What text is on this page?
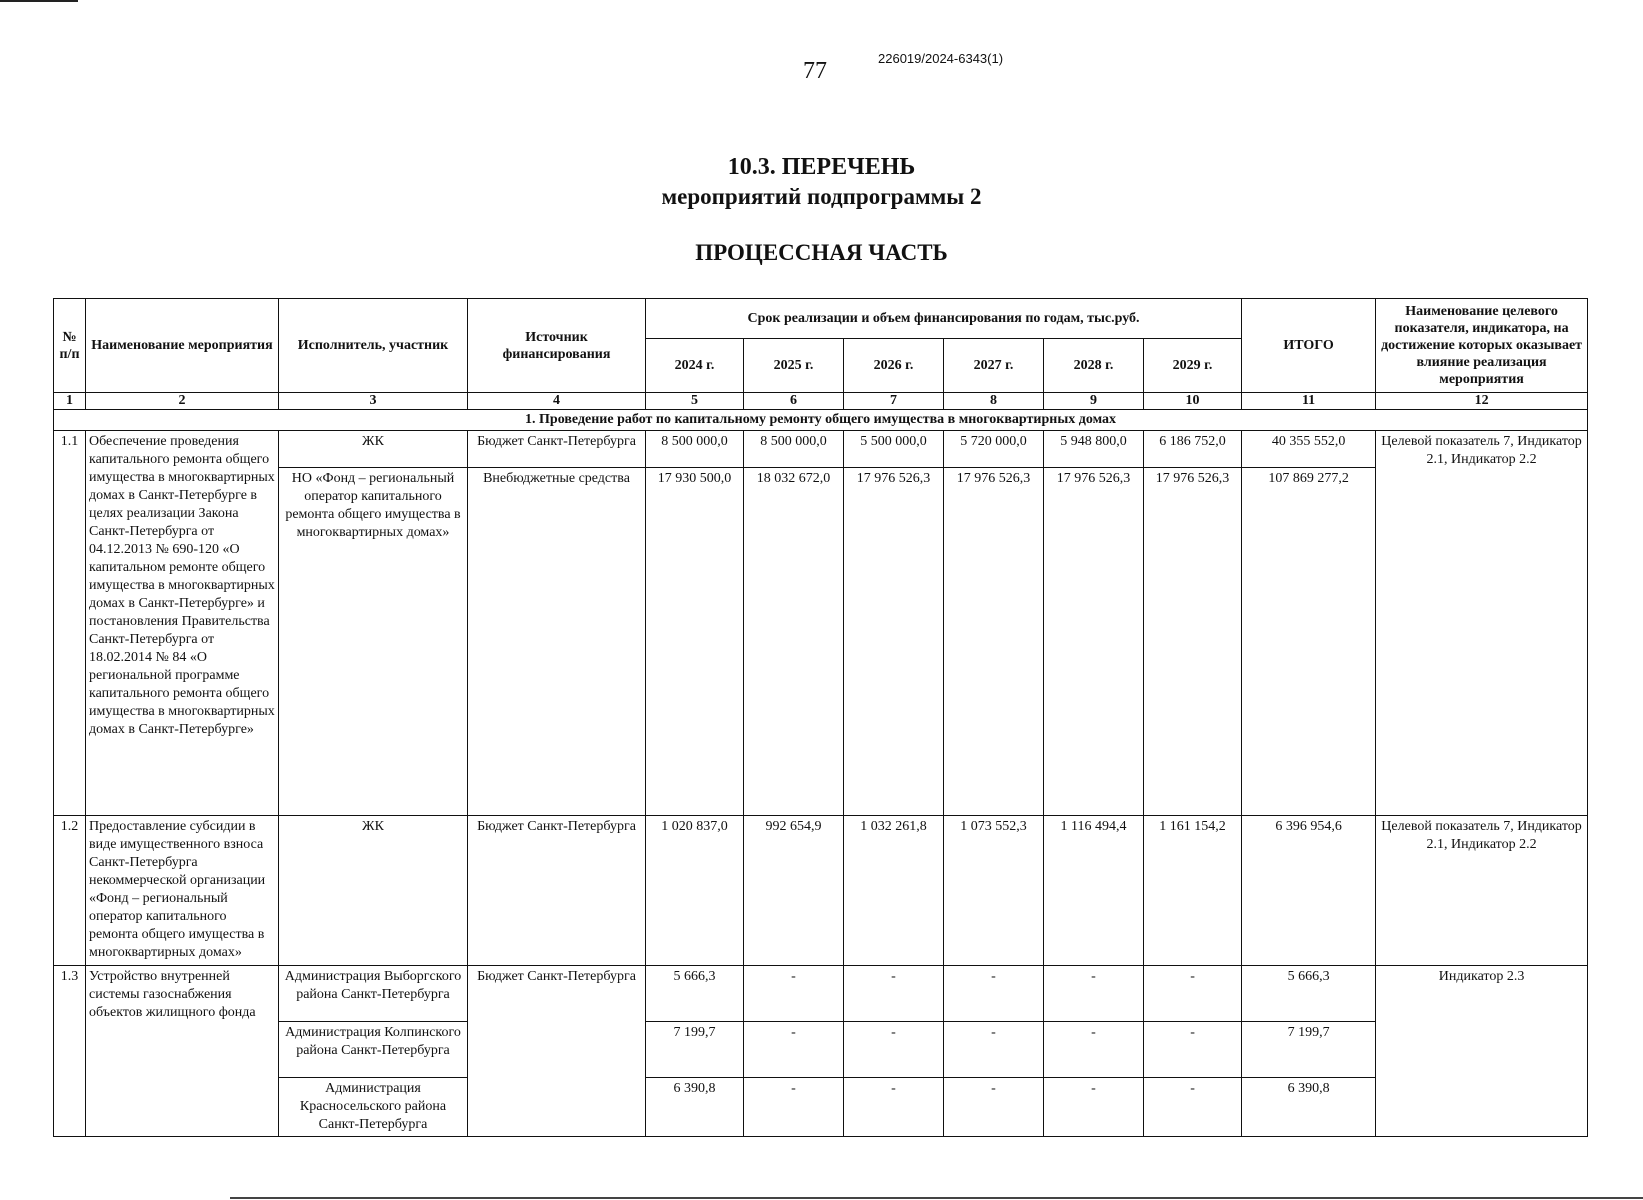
77	226019/2024-6343(1)
10.3. ПЕРЕЧЕНЬ
мероприятий подпрограммы 2
ПРОЦЕССНАЯ ЧАСТЬ
№ п/п	Наименование мероприятия	Исполнитель, участник	Источник финансирования	Срок реализации и объем финансирования по годам, тыс.руб.						ИТОГО	Наименование целевого показателя, индикатора, на достижение которых оказывает влияние реализация мероприятия
				2024 г.	2025 г.	2026 г.	2027 г.	2028 г.	2029 г.		
1	2	3	4	5	6	7	8	9	10	11	12
1. Проведение работ по капитальному ремонту общего имущества в многоквартирных домах											
1.1	Обеспечение проведения капитального ремонта общего имущества в многоквартирных домах в Санкт-Петербурге в целях реализации Закона Санкт-Петербурга от 04.12.2013 № 690-120 «О капитальном ремонте общего имущества в многоквартирных домах в Санкт-Петербурге» и постановления Правительства Санкт-Петербурга от 18.02.2014 № 84 «О региональной программе капитального ремонта общего имущества в многоквартирных домах в Санкт-Петербурге»	ЖК	Бюджет Санкт-Петербурга	8 500 000,0	8 500 000,0	5 500 000,0	5 720 000,0	5 948 800,0	6 186 752,0	40 355 552,0	Целевой показатель 7, Индикатор 2.1, Индикатор 2.2
		НО «Фонд – региональный оператор капитального ремонта общего имущества в многоквартирных домах»	Внебюджетные средства	17 930 500,0	18 032 672,0	17 976 526,3	17 976 526,3	17 976 526,3	17 976 526,3	107 869 277,2	
1.2	Предоставление субсидии в виде имущественного взноса Санкт-Петербурга некоммерческой организации «Фонд – региональный оператор капитального ремонта общего имущества в многоквартирных домах»	ЖК	Бюджет Санкт-Петербурга	1 020 837,0	992 654,9	1 032 261,8	1 073 552,3	1 116 494,4	1 161 154,2	6 396 954,6	Целевой показатель 7, Индикатор 2.1, Индикатор 2.2
1.3	Устройство внутренней системы газоснабжения объектов жилищного фонда	Администрация Выборгского района Санкт-Петербурга	Бюджет Санкт-Петербурга	5 666,3	-	-	-	-	-	5 666,3	Индикатор 2.3
		Администрация Колпинского района Санкт-Петербурга		7 199,7	-	-	-	-	-	7 199,7	
		Администрация Красносельского района Санкт-Петербурга		6 390,8	-	-	-	-	-	6 390,8	
